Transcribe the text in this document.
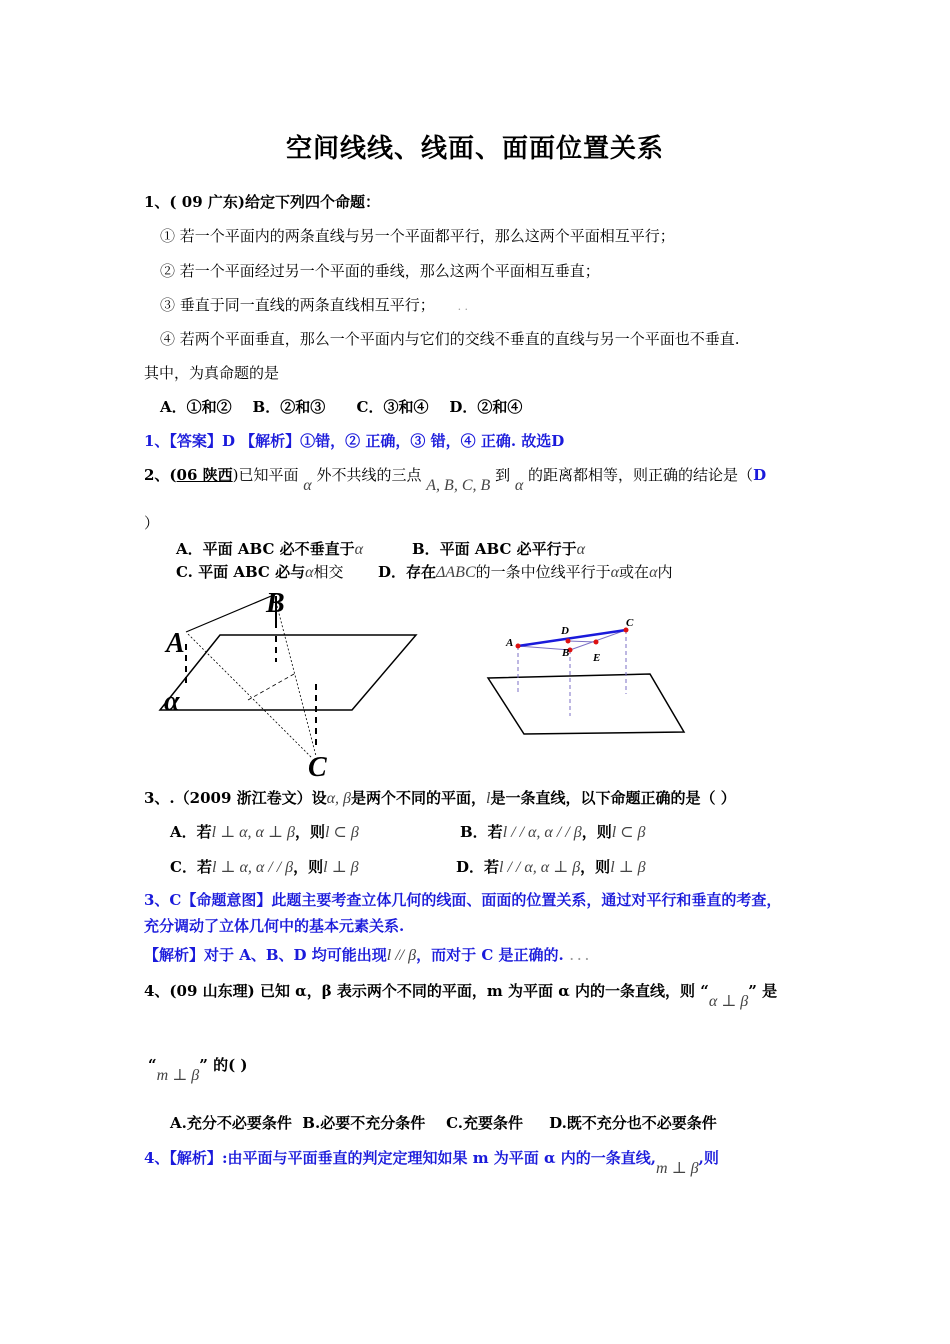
空间线线、线面、面面位置关系
1、( 09 广东)给定下列四个命题：
① 若一个平面内的两条直线与另一个平面都平行，那么这两个平面相互平行；
② 若一个平面经过另一个平面的垂线，那么这两个平面相互垂直；
③ 垂直于同一直线的两条直线相互平行； . .
④ 若两个平面垂直，那么一个平面内与它们的交线不垂直的直线与另一个平面也不垂直.
其中，为真命题的是
A．①和②    B．②和③      C．③和④    D．②和④
1、【答案】D 【解析】①错，② 正确，③ 错，④ 正确. 故选D
2、(06 陕西)已知平面 α 外不共线的三点 A, B, C, B 到 α 的距离都相等，则正确的结论是（D
）
A．平面 ABC 必不垂直于α	B．平面 ABC 必平行于α
C. 平面 ABC 必与α相交 D．存在ΔABC的一条中位线平行于α或在α内
B
A
α
C
A
D
C
B E
3、.（2009 浙江卷文）设α, β是两个不同的平面，l是一条直线，以下命题正确的是（ ）
A．若l ⊥ α, α ⊥ β，则l ⊂ β	B．若l / / α, α / / β，则l ⊂ β
C．若l ⊥ α, α / / β，则l ⊥ β	D．若l / / α, α ⊥ β，则l ⊥ β
3、C【命题意图】此题主要考查立体几何的线面、面面的位置关系，通过对平行和垂直的考查，
充分调动了立体几何中的基本元素关系.
【解析】对于 A、B、D 均可能出现l // β，而对于 C 是正确的. . . .
4、(09 山东理) 已知 α，β 表示两个不同的平面，m 为平面 α 内的一条直线，则 “α ⊥ β” 是
“m ⊥ β” 的( )
A.充分不必要条件  B.必要不充分条件    C.充要条件     D.既不充分也不必要条件
4、【解析】:由平面与平面垂直的判定定理知如果 m 为平面 α 内的一条直线,m ⊥ β,则
